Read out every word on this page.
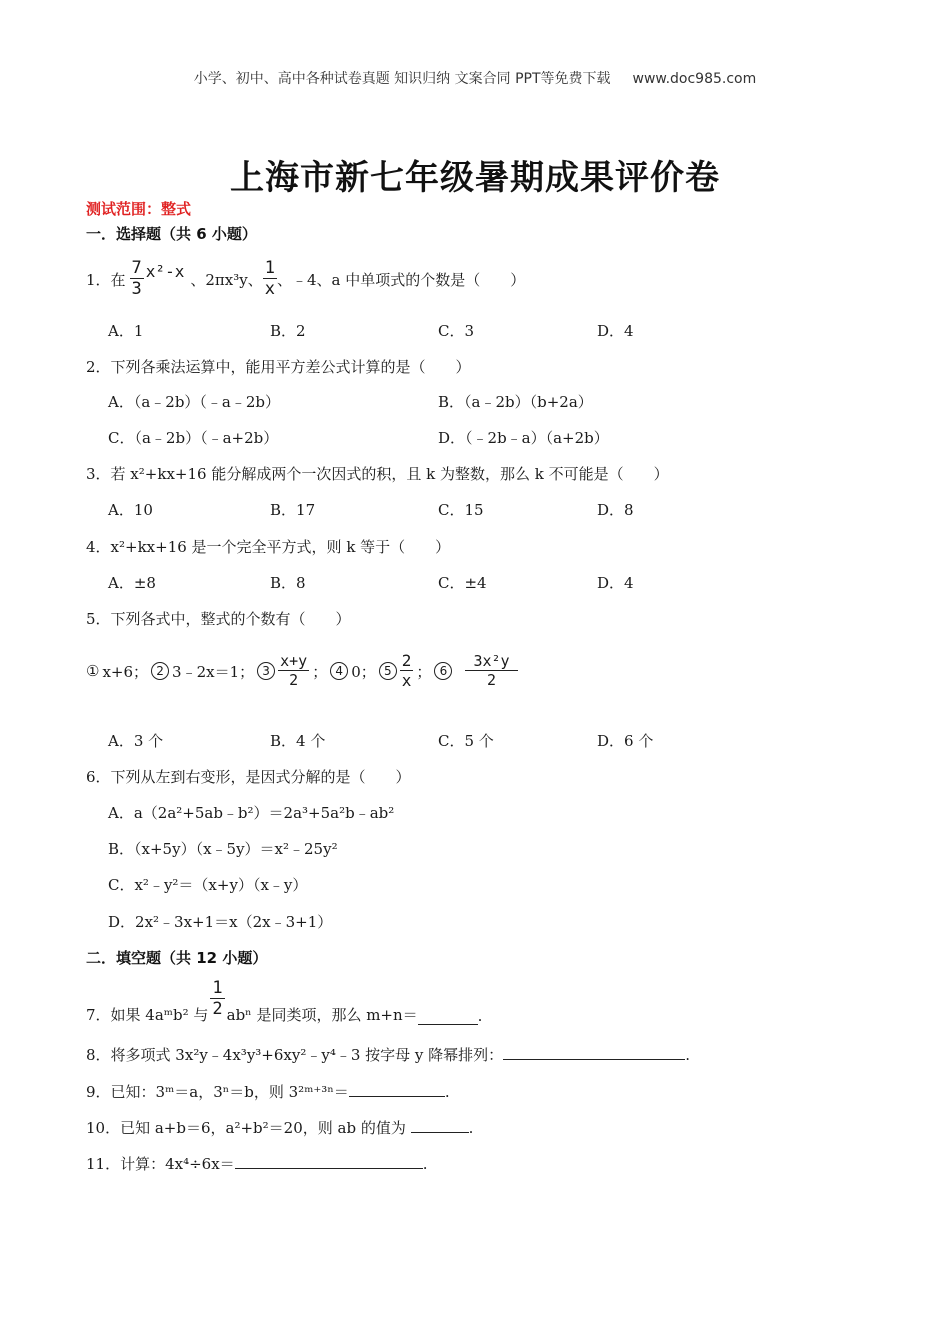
小学、初中、高中各种试卷真题 知识归纳 文案合同 PPT等免费下载 www.doc985.com
上海市新七年级暑期成果评价卷
测试范围：整式
一．选择题（共 6 小题）
1．在 $\frac{7}{3} x^2-x$ 、2πx³y、 $\frac{1}{x}$ 、﹣4、a 中单项式的个数是（　　）
A．1	B．2	C．3	D．4
2．下列各乘法运算中，能用平方差公式计算的是（　　）
A．（a﹣2b）（﹣a﹣2b）	B．（a﹣2b）（b+2a）
C．（a﹣2b）（﹣a+2b）	D．（﹣2b﹣a）（a+2b）
3．若 x²+kx+16 能分解成两个一次因式的积，且 k 为整数，那么 k 不可能是（　　）
A．10	B．17	C．15	D．8
4．x²+kx+16 是一个完全平方式，则 k 等于（　　）
A．±8	B．8	C．±4	D．4
5．下列各式中，整式的个数有（　　）
① x+6； 2 3﹣2x＝1； $3 \frac{x+y}{2}$ ； 4 0； $5 \frac{2}{x}$ ； 6	$\frac{\text{3x²y}}{2}$
A．3 个	B．4 个	C．5 个	D．6 个
6．下列从左到右变形，是因式分解的是（　　）
A．a（2a²+5ab﹣b²）＝2a³+5a²b﹣ab²
B．（x+5y）（x﹣5y）＝x²﹣25y²
C．x²﹣y²＝（x+y）（x﹣y）
D．2x²﹣3x+1＝x（2x﹣3+1）
二．填空题（共 12 小题）
7．如果 4aᵐb² 与 $\frac{1}{2}$ abⁿ 是同类项，那么 m+n＝	.
8．将多项式 3x²y﹣4x³y³+6xy²﹣y⁴﹣3 按字母 y 降幂排列：	.
9．已知：3ᵐ＝a，3ⁿ＝b，则 3²ᵐ⁺³ⁿ＝	.
10．已知 a+b＝6，a²+b²＝20，则 ab 的值为	.
11．计算：4x⁴÷6x＝	.
